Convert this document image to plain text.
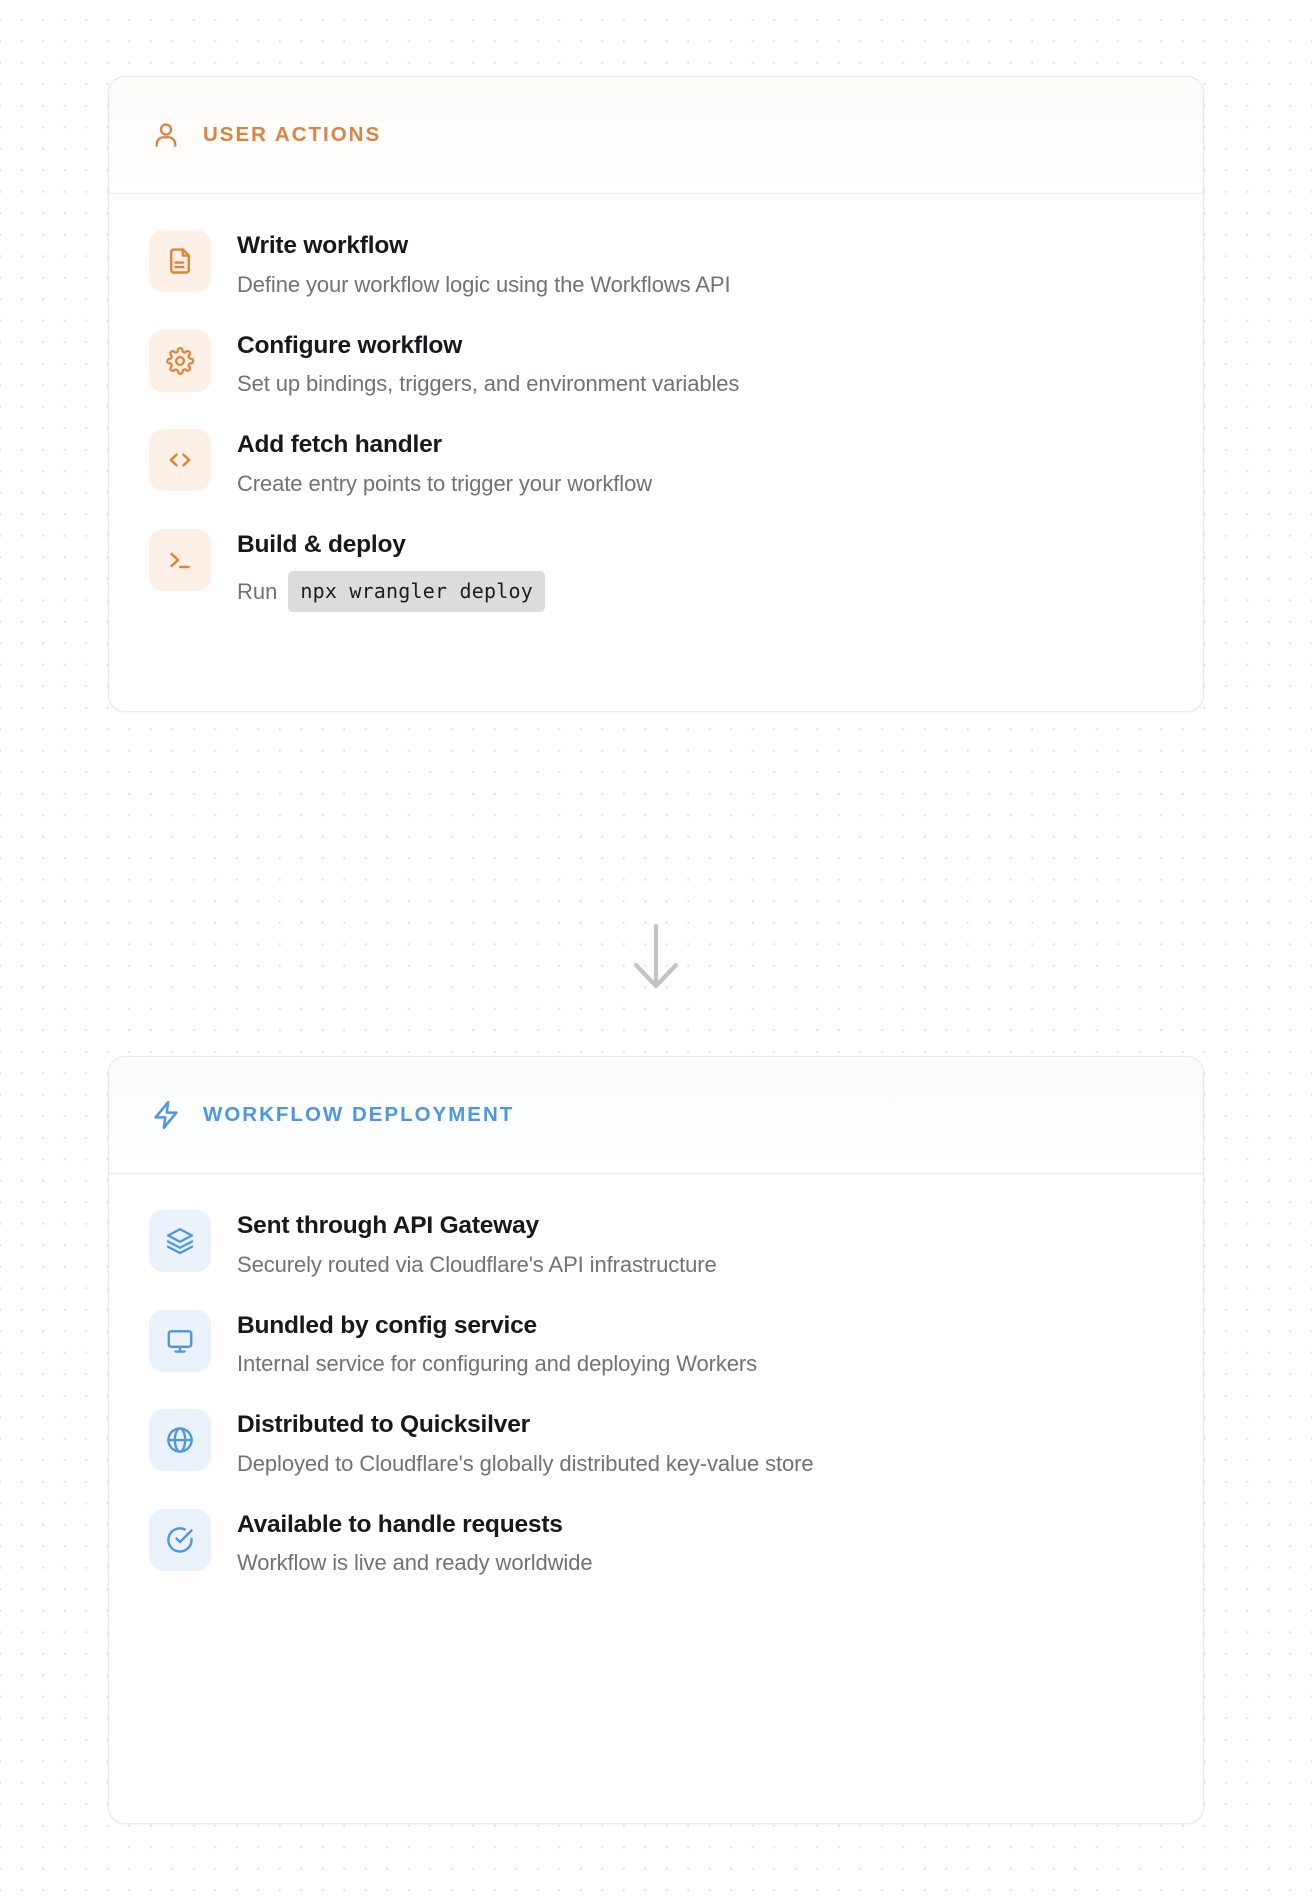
USER ACTIONS
Write workflow
Define your workflow logic using the Workflows API
Configure workflow
Set up bindings, triggers, and environment variables
Add fetch handler
Create entry points to trigger your workflow
Build & deploy
Run	npx wrangler deploy
WORKFLOW DEPLOYMENT
Sent through API Gateway
Securely routed via Cloudflare's API infrastructure
Bundled by config service
Internal service for configuring and deploying Workers
Distributed to Quicksilver
Deployed to Cloudflare's globally distributed key-value store
Available to handle requests
Workflow is live and ready worldwide
